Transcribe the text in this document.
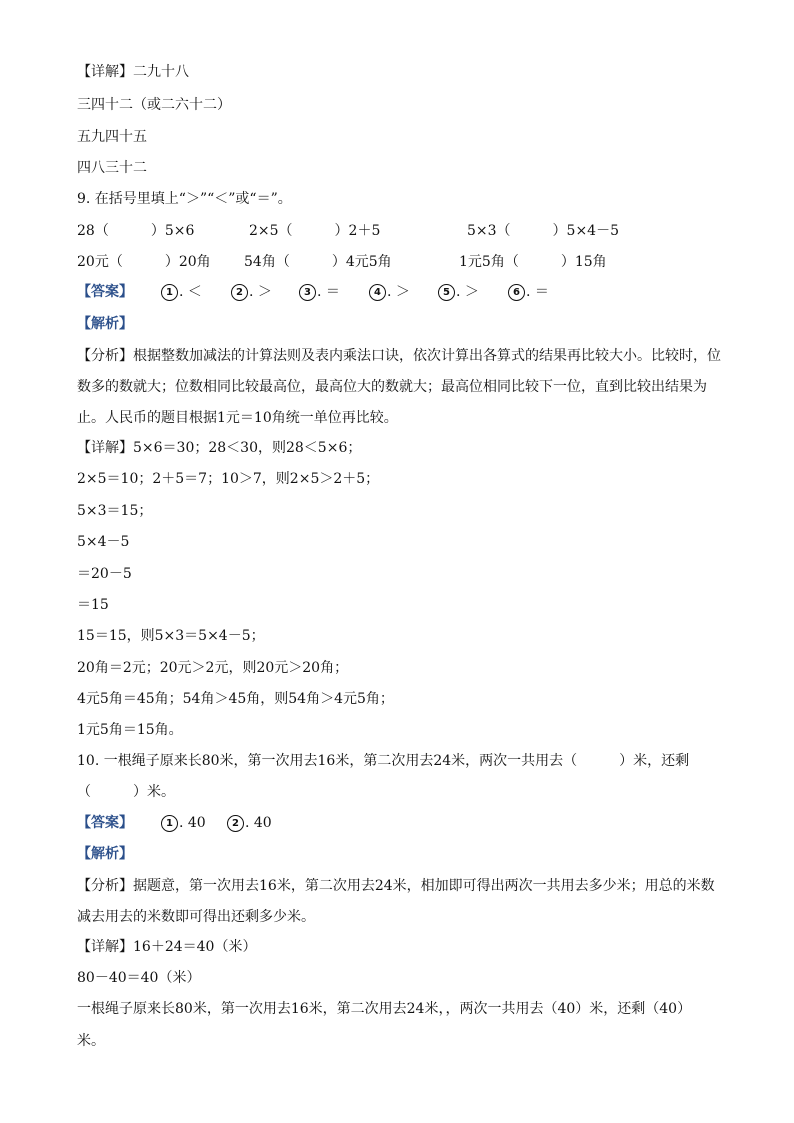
【详解】二九十八
三四十二（或二六十二）
五九四十五
四八三十二
9. 在括号里填上“＞”“＜”或“＝”。
28（　　　）5×6	2×5（　　　）2＋5	5×3（　　　）5×4－5
20元（　　　）20角 54角（　　　）4元5角	1元5角（　　　）15角
【答案】	1 . ＜	2 . ＞	3 . ＝	4 . ＞	5 . ＞	6 . ＝
【解析】
【分析】根据整数加减法的计算法则及表内乘法口诀，依次计算出各算式的结果再比较大小。比较时，位数多的数就大；位数相同比较最高位，最高位大的数就大；最高位相同比较下一位，直到比较出结果为止。人民币的题目根据1元＝10角统一单位再比较。
【详解】5×6＝30；28＜30，则28＜5×6；
2×5＝10；2＋5＝7；10＞7，则2×5＞2＋5；
5×3＝15；
5×4－5
＝20－5
＝15
15＝15，则5×3＝5×4－5；
20角＝2元；20元＞2元，则20元＞20角；
4元5角＝45角；54角＞45角，则54角＞4元5角；
1元5角＝15角。
10. 一根绳子原来长80米，第一次用去16米，第二次用去24米，两次一共用去（　　　）米，还剩
（　　　）米。
【答案】	1 . 40	2 . 40
【解析】
【分析】据题意，第一次用去16米，第二次用去24米，相加即可得出两次一共用去多少米；用总的米数减去用去的米数即可得出还剩多少米。
【详解】16＋24＝40（米）
80－40＝40（米）
一根绳子原来长80米，第一次用去16米，第二次用去24米，，两次一共用去（40）米，还剩（40）
米。
